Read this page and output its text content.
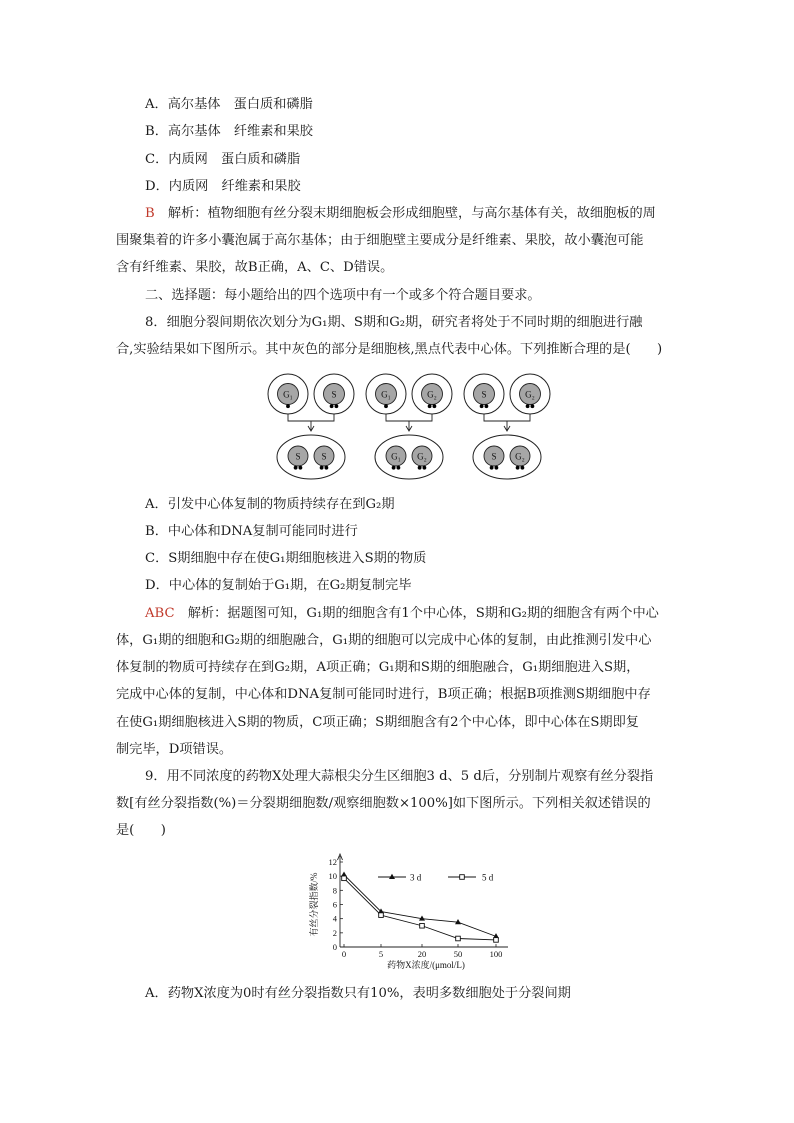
A．高尔基体　蛋白质和磷脂
B．高尔基体　纤维素和果胶
C．内质网　蛋白质和磷脂
D．内质网　纤维素和果胶
B　解析：植物细胞有丝分裂末期细胞板会形成细胞壁，与高尔基体有关，故细胞板的周
围聚集着的许多小囊泡属于高尔基体；由于细胞壁主要成分是纤维素、果胶，故小囊泡可能
含有纤维素、果胶，故B正确，A、C、D错误。
二、选择题：每小题给出的四个选项中有一个或多个符合题目要求。
8．细胞分裂间期依次划分为G₁期、S期和G₂期，研究者将处于不同时期的细胞进行融
合,实验结果如下图所示。其中灰色的部分是细胞核,黑点代表中心体。下列推断合理的是(　　)
G₁	S
S S
G₁	G₂
G₁ G₂
S	G₂
S G₂
A．引发中心体复制的物质持续存在到G₂期
B．中心体和DNA复制可能同时进行
C．S期细胞中存在使G₁期细胞核进入S期的物质
D．中心体的复制始于G₁期，在G₂期复制完毕
ABC　解析：据题图可知，G₁期的细胞含有1个中心体，S期和G₂期的细胞含有两个中心
体，G₁期的细胞和G₂期的细胞融合，G₁期的细胞可以完成中心体的复制，由此推测引发中心
体复制的物质可持续存在到G₂期，A项正确；G₁期和S期的细胞融合，G₁期细胞进入S期，
完成中心体的复制，中心体和DNA复制可能同时进行，B项正确；根据B项推测S期细胞中存
在使G₁期细胞核进入S期的物质，C项正确；S期细胞含有2个中心体，即中心体在S期即复
制完毕，D项错误。
9．用不同浓度的药物X处理大蒜根尖分生区细胞3 d、5 d后，分别制片观察有丝分裂指
数[有丝分裂指数(%)＝分裂期细胞数/观察细胞数×100%]如下图所示。下列相关叙述错误的
是(　　)
0
2
4
6
8
10
12
0	5	20	50	100
药物X浓度/(μmol/L)
有丝分裂指数/%	3 d	5 d
A．药物X浓度为0时有丝分裂指数只有10%，表明多数细胞处于分裂间期
